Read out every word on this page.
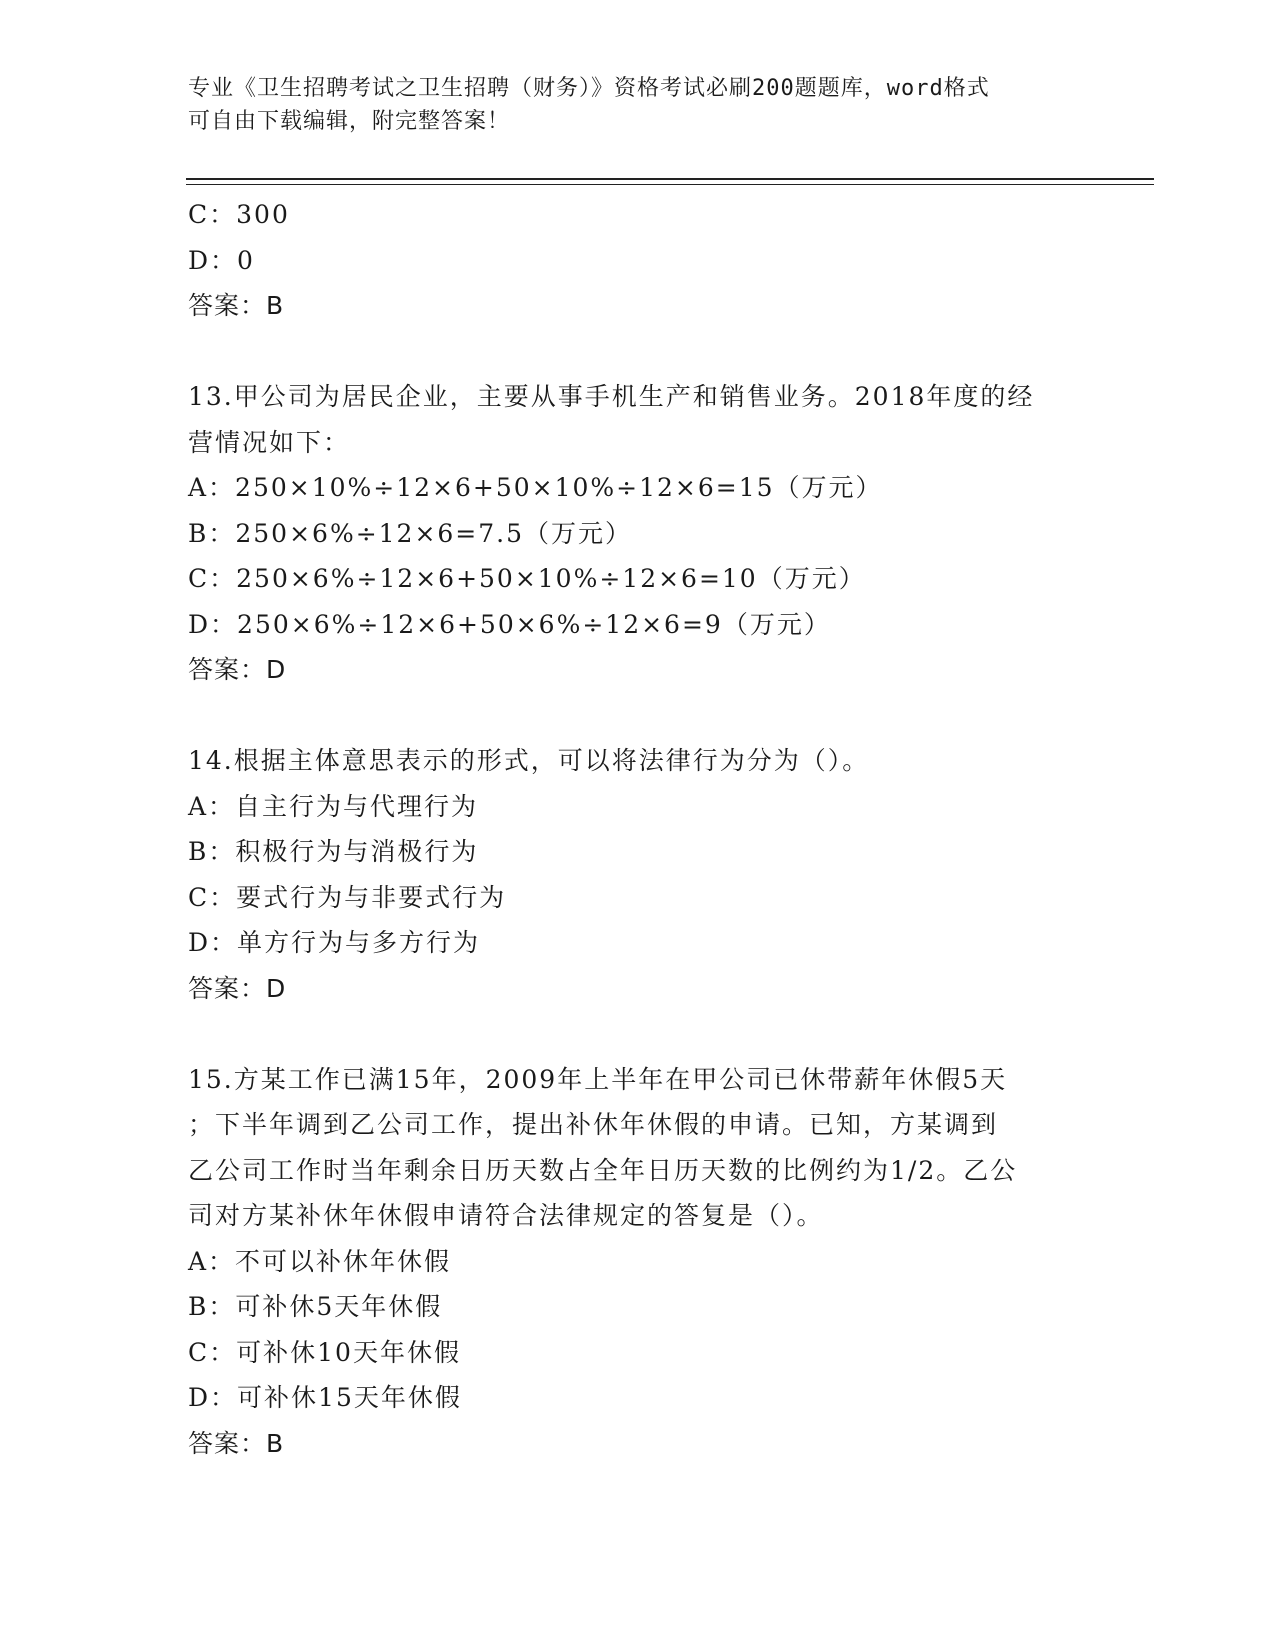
专业《卫生招聘考试之卫生招聘（财务）》资格考试必刷200题题库，word格式
可自由下载编辑，附完整答案！
C：300
D：0
答案：B
13.甲公司为居民企业，主要从事手机生产和销售业务。2018年度的经
营情况如下：
A：250×10%÷12×6+50×10%÷12×6=15（万元）
B：250×6%÷12×6=7.5（万元）
C：250×6%÷12×6+50×10%÷12×6=10（万元）
D：250×6%÷12×6+50×6%÷12×6=9（万元）
答案：D
14.根据主体意思表示的形式，可以将法律行为分为（）。
A：自主行为与代理行为
B：积极行为与消极行为
C：要式行为与非要式行为
D：单方行为与多方行为
答案：D
15.方某工作已满15年，2009年上半年在甲公司已休带薪年休假5天
；下半年调到乙公司工作，提出补休年休假的申请。已知，方某调到
乙公司工作时当年剩余日历天数占全年日历天数的比例约为1/2。乙公
司对方某补休年休假申请符合法律规定的答复是（）。
A：不可以补休年休假
B：可补休5天年休假
C：可补休10天年休假
D：可补休15天年休假
答案：B
